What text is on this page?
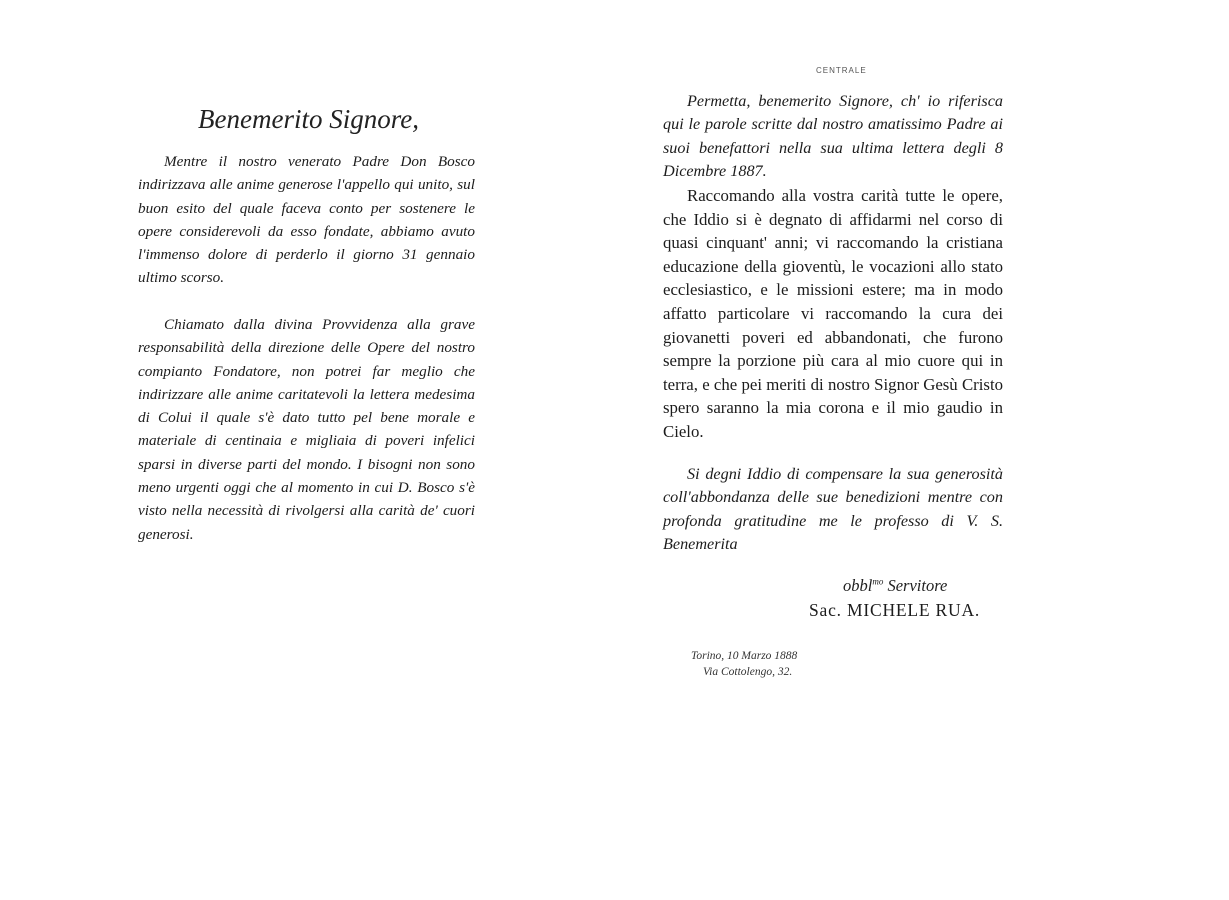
Benemerito Signore,

Mentre il nostro venerato Padre Don Bosco indirizzava alle anime generose l'appello qui unito, sul buon esito del quale faceva conto per sostenere le opere considerevoli da esso fondate, abbiamo avuto l'immenso dolore di perderlo il giorno 31 gennaio ultimo scorso.

Chiamato dalla divina Provvidenza alla grave responsabilità della direzione delle Opere del nostro compianto Fondatore, non potrei far meglio che indirizzare alle anime caritatevoli la lettera medesima di Colui il quale s'è dato tutto pel bene morale e materiale di centinaia e migliaia di poveri infelici sparsi in diverse parti del mondo. I bisogni non sono meno urgenti oggi che al momento in cui D. Bosco s'è visto nella necessità di rivolgersi alla carità de' cuori generosi.

CENTRALE

Permetta, benemerito Signore, ch' io riferisca qui le parole scritte dal nostro amatissimo Padre ai suoi benefattori nella sua ultima lettera degli 8 Dicembre 1887.

Raccomando alla vostra carità tutte le opere, che Iddio si è degnato di affidarmi nel corso di quasi cinquant' anni; vi raccomando la cristiana educazione della gioventù, le vocazioni allo stato ecclesiastico, e le missioni estere; ma in modo affatto particolare vi raccomando la cura dei giovanetti poveri ed abbandonati, che furono sempre la porzione più cara al mio cuore qui in terra, e che pei meriti di nostro Signor Gesù Cristo spero saranno la mia corona e il mio gaudio in Cielo.

Si degni Iddio di compensare la sua generosità coll'abbondanza delle sue benedizioni mentre con profonda gratitudine me le professo di V. S. Benemerita

obbl$^{mo}$ Servitore
Sac. MICHELE RUA.
Torino, 10 Marzo 1888
Via Cottolengo, 32.
